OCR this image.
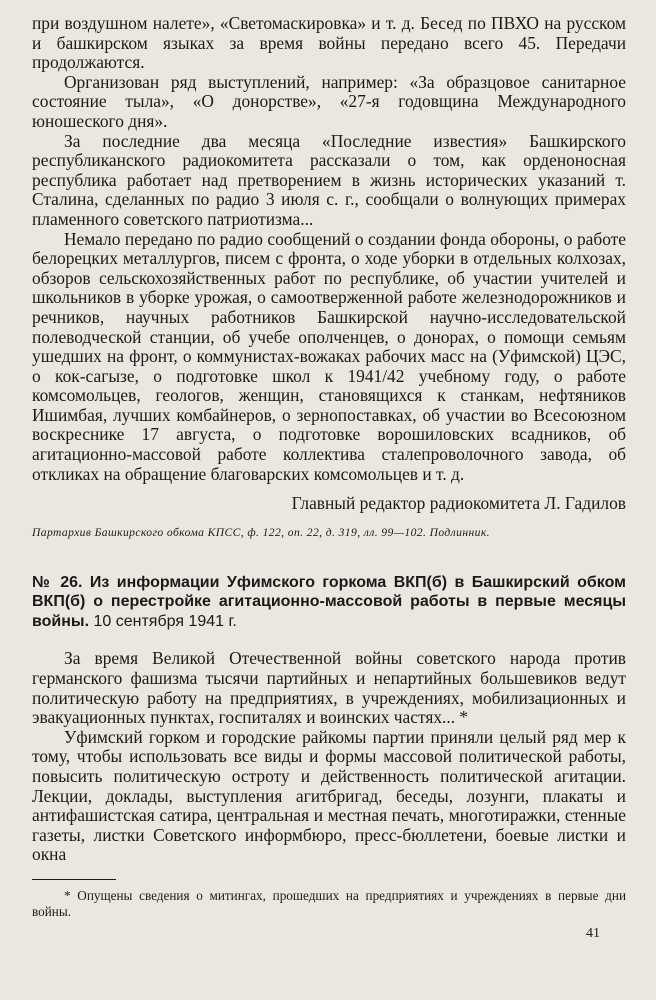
при воздушном налете», «Светомаскировка» и т. д. Бесед по ПВХО на русском и башкирском языках за время войны передано всего 45. Передачи продолжаются.

Организован ряд выступлений, например: «За образцовое санитарное состояние тыла», «О донорстве», «27-я годовщина Международного юношеского дня».

За последние два месяца «Последние известия» Башкирского республиканского радиокомитета рассказали о том, как орденоносная республика работает над претворением в жизнь исторических указаний т. Сталина, сделанных по радио 3 июля с. г., сообщали о волнующих примерах пламенного советского патриотизма...

Немало передано по радио сообщений о создании фонда обороны, о работе белорецких металлургов, писем с фронта, о ходе уборки в отдельных колхозах, обзоров сельскохозяйственных работ по республике, об участии учителей и школьников в уборке урожая, о самоотверженной работе железнодорожников и речников, научных работников Башкирской научно-исследовательской полеводческой станции, об учебе ополченцев, о донорах, о помощи семьям ушедших на фронт, о коммунистах-вожаках рабочих масс на (Уфимской) ЦЭС, о кок-сагызе, о подготовке школ к 1941/42 учебному году, о работе комсомольцев, геологов, женщин, становящихся к станкам, нефтяников Ишимбая, лучших комбайнеров, о зернопоставках, об участии во Всесоюзном воскреснике 17 августа, о подготовке ворошиловских всадников, об агитационно-массовой работе коллектива сталепроволочного завода, об откликах на обращение благоварских комсомольцев и т. д.

Главный редактор радиокомитета Л. Гадилов

Партархив Башкирского обкома КПСС, ф. 122, оп. 22, д. 319, лл. 99—102. Подлинник.

№ 26. Из информации Уфимского горкома ВКП(б) в Башкирский обком ВКП(б) о перестройке агитационно-массовой работы в первые месяцы войны. 10 сентября 1941 г.

За время Великой Отечественной войны советского народа против германского фашизма тысячи партийных и непартийных большевиков ведут политическую работу на предприятиях, в учреждениях, мобилизационных и эвакуационных пунктах, госпиталях и воинских частях... *

Уфимский горком и городские райкомы партии приняли целый ряд мер к тому, чтобы использовать все виды и формы массовой политической работы, повысить политическую остроту и действенность политической агитации. Лекции, доклады, выступления агитбригад, беседы, лозунги, плакаты и антифашистская сатира, центральная и местная печать, многотиражки, стенные газеты, листки Советского информбюро, пресс-бюллетени, боевые листки и окна

* Опущены сведения о митингах, прошедших на предприятиях и учреждениях в первые дни войны.

41
